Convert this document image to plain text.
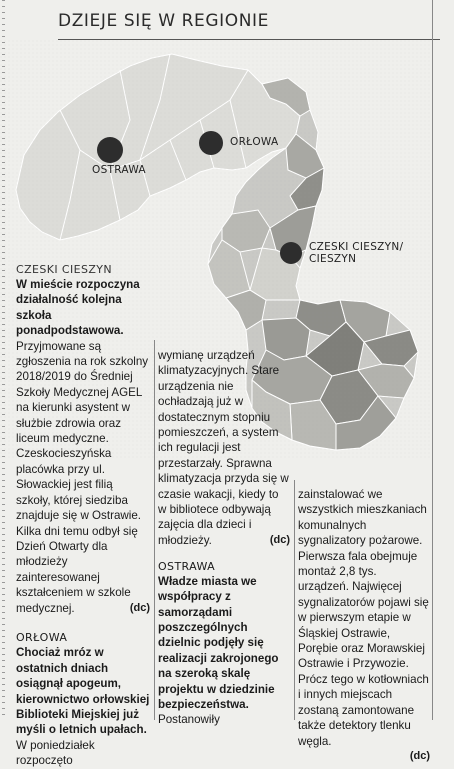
DZIEJE SIĘ W REGIONIE
OSTRAWA
ORŁOWA
CZESKI CIESZYN/
CIESZYN

CZESKI CIESZYN

W mieście rozpoczyna działalność kolejna szkoła ponadpodstawowa.

Przyjmowane są zgłoszenia na rok szkolny 2018/2019 do Średniej Szkoły Medycznej AGEL na kierunki asystent w służbie zdrowia oraz liceum medyczne. Czeskocieszyńska placówka przy ul. Słowackiej jest filią szkoły, której siedziba znajduje się w Ostrawie. Kilka dni temu odbył się Dzień Otwarty dla młodzieży zainteresowanej kształceniem w szkole medycznej.	(dc)

ORŁOWA

Chociaż mróz w ostatnich dniach osiągnął apogeum, kierownictwo orłowskiej Biblioteki Miejskiej już myśli o letnich upałach.

W poniedziałek rozpoczęto

wymianę urządzeń klimatyzacyjnych. Stare urządzenia nie ochładzają już w dostatecznym stopniu pomieszczeń, a system ich regulacji jest przestarzały. Sprawna klimatyzacja przyda się w czasie wakacji, kiedy to w bibliotece odbywają zajęcia dla dzieci i młodzieży.	(dc)

OSTRAWA

Władze miasta we współpracy z samorządami poszczególnych dzielnic podjęły się realizacji zakrojonego na szeroką skalę projektu w dziedzinie bezpieczeństwa.

Postanowiły

zainstalować we wszystkich mieszkaniach komunalnych sygnalizatory pożarowe. Pierwsza fala obejmuje montaż 2,8 tys. urządzeń. Najwięcej sygnalizatorów pojawi się w pierwszym etapie w Śląskiej Ostrawie, Porębie oraz Morawskiej Ostrawie i Przywozie. Prócz tego w kotłowniach i innych miejscach zostaną zamontowane także detektory tlenku węgla.

(dc)
